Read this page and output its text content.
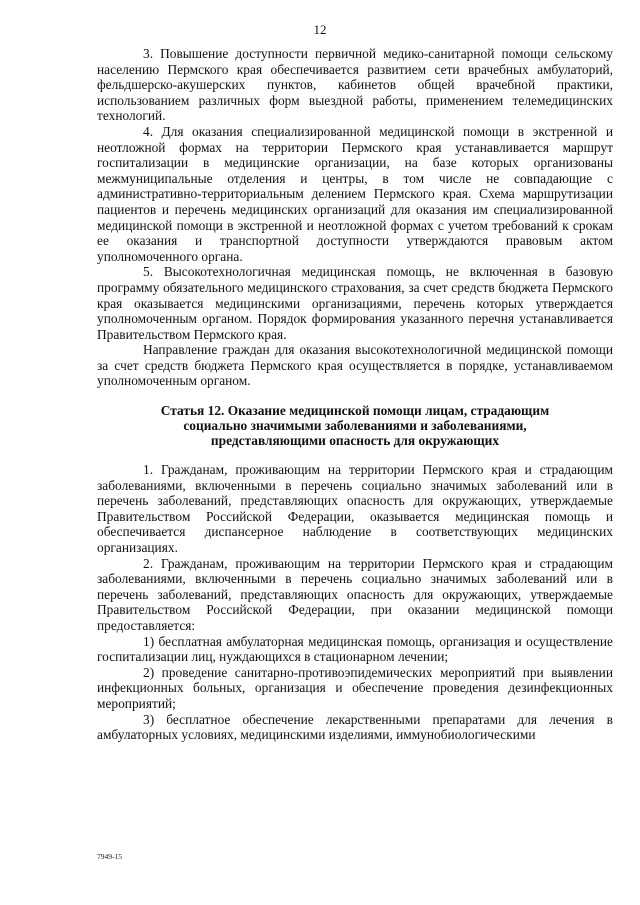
12

3. Повышение доступности первичной медико-санитарной помощи сельскому населению Пермского края обеспечивается развитием сети врачебных амбулаторий, фельдшерско-акушерских пунктов, кабинетов общей врачебной практики, использованием различных форм выездной работы, применением телемедицинских технологий.

4. Для оказания специализированной медицинской помощи в экстренной и неотложной формах на территории Пермского края устанавливается маршрут госпитализации в медицинские организации, на базе которых организованы межмуниципальные отделения и центры, в том числе не совпадающие с административно-территориальным делением Пермского края. Схема маршрутизации пациентов и перечень медицинских организаций для оказания им специализированной медицинской помощи в экстренной и неотложной формах с учетом требований к срокам ее оказания и транспортной доступности утверждаются правовым актом уполномоченного органа.

5. Высокотехнологичная медицинская помощь, не включенная в базовую программу обязательного медицинского страхования, за счет средств бюджета Пермского края оказывается медицинскими организациями, перечень которых утверждается уполномоченным органом. Порядок формирования указанного перечня устанавливается Правительством Пермского края.

Направление граждан для оказания высокотехнологичной медицинской помощи за счет средств бюджета Пермского края осуществляется в порядке, устанавливаемом уполномоченным органом.

Статья 12. Оказание медицинской помощи лицам, страдающим
социально значимыми заболеваниями и заболеваниями,
представляющими опасность для окружающих

1. Гражданам, проживающим на территории Пермского края и страдающим заболеваниями, включенными в перечень социально значимых заболеваний или в перечень заболеваний, представляющих опасность для окружающих, утверждаемые Правительством Российской Федерации, оказывается медицинская помощь и обеспечивается диспансерное наблюдение в соответствующих медицинских организациях.

2. Гражданам, проживающим на территории Пермского края и страдающим заболеваниями, включенными в перечень социально значимых заболеваний или в перечень заболеваний, представляющих опасность для окружающих, утверждаемые Правительством Российской Федерации, при оказании медицинской помощи предоставляется:

1) бесплатная амбулаторная медицинская помощь, организация и осуществление госпитализации лиц, нуждающихся в стационарном лечении;

2) проведение санитарно-противоэпидемических мероприятий при выявлении инфекционных больных, организация и обеспечение проведения дезинфекционных мероприятий;

3) бесплатное обеспечение лекарственными препаратами для лечения в амбулаторных условиях, медицинскими изделиями, иммунобиологическими

7949-15
